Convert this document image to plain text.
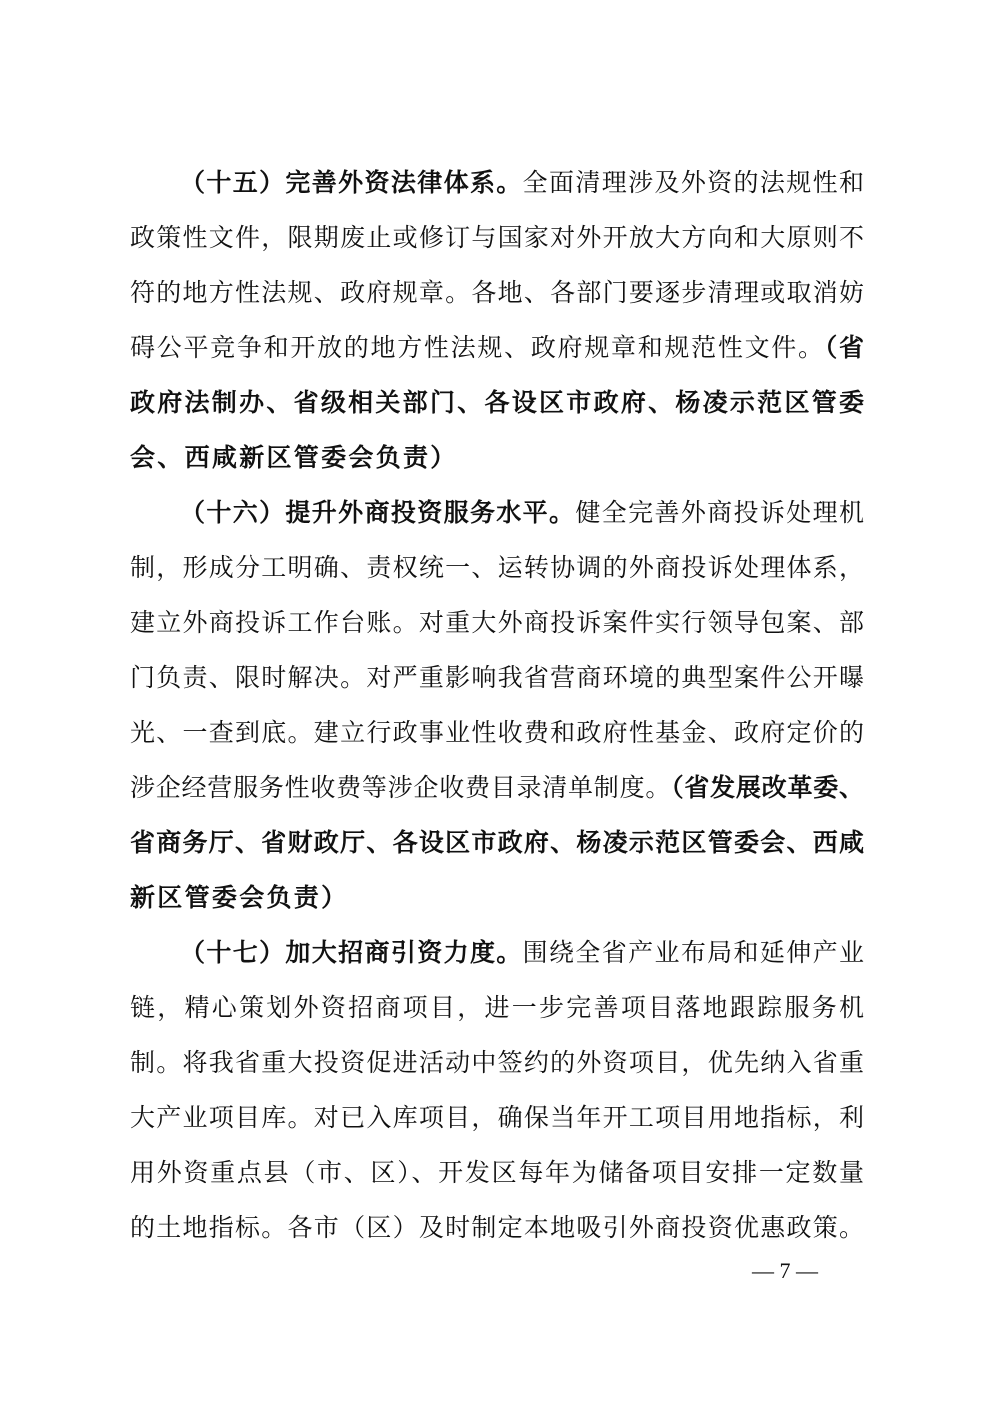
（十五）完善外资法律体系。全面清理涉及外资的法规性和
政策性文件，限期废止或修订与国家对外开放大方向和大原则不
符的地方性法规、政府规章。各地、各部门要逐步清理或取消妨
碍公平竞争和开放的地方性法规、政府规章和规范性文件。（省
政府法制办、省级相关部门、各设区市政府、杨凌示范区管委
会、西咸新区管委会负责）
（十六）提升外商投资服务水平。健全完善外商投诉处理机
制，形成分工明确、责权统一、运转协调的外商投诉处理体系，
建立外商投诉工作台账。对重大外商投诉案件实行领导包案、部
门负责、限时解决。对严重影响我省营商环境的典型案件公开曝
光、一查到底。建立行政事业性收费和政府性基金、政府定价的
涉企经营服务性收费等涉企收费目录清单制度。（省发展改革委、
省商务厅、省财政厅、各设区市政府、杨凌示范区管委会、西咸
新区管委会负责）
（十七）加大招商引资力度。围绕全省产业布局和延伸产业
链，精心策划外资招商项目，进一步完善项目落地跟踪服务机
制。将我省重大投资促进活动中签约的外资项目，优先纳入省重
大产业项目库。对已入库项目，确保当年开工项目用地指标，利
用外资重点县（市、区）、开发区每年为储备项目安排一定数量
的土地指标。各市（区）及时制定本地吸引外商投资优惠政策。
— 7 —
